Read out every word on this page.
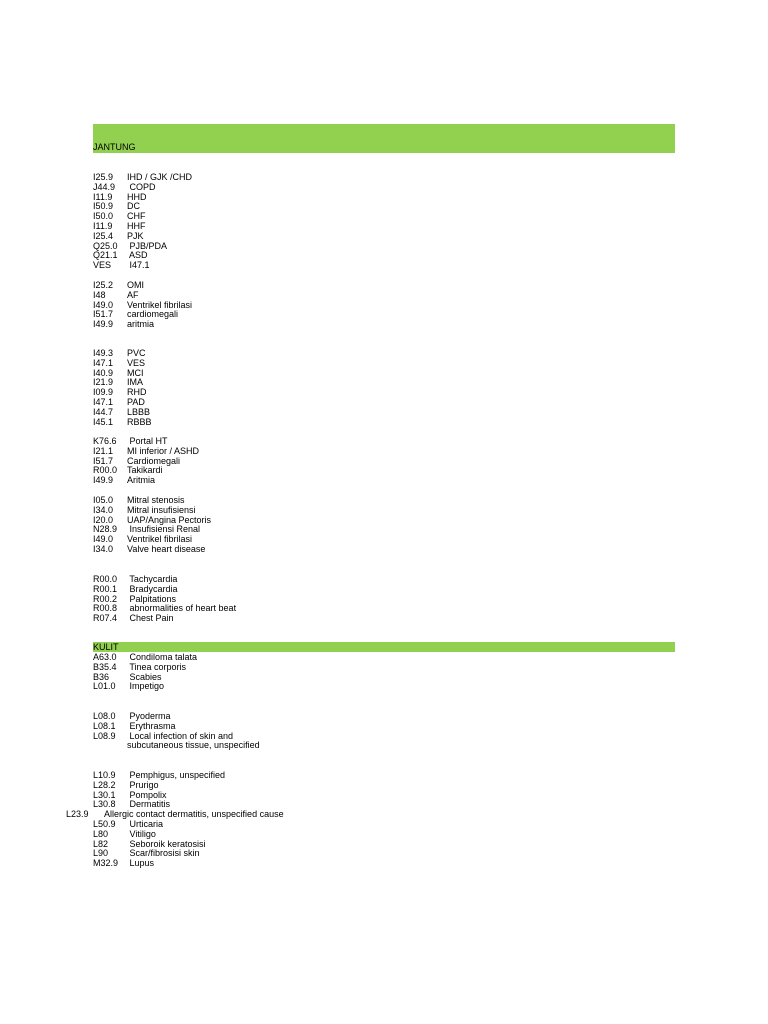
JANTUNG
I25.9 IHD / GJK /CHD
J44.9 COPD
I11.9 HHD
I50.9 DC
I50.0 CHF
I11.9 HHF
I25.4 PJK
Q25.0 PJB/PDA
Q21.1 ASD
VES I47.1
I25.2 OMI
I48 AF
I49.0 Ventrikel fibrilasi
I51.7 cardiomegali
I49.9 aritmia
I49.3 PVC
I47.1 VES
I40.9 MCI
I21.9 IMA
I09.9 RHD
I47.1 PAD
I44.7 LBBB
I45.1 RBBB
K76.6 Portal HT
I21.1 MI inferior / ASHD
I51.7 Cardiomegali
R00.0 Takikardi
I49.9 Aritmia
I05.0 Mitral stenosis
I34.0 Mitral insufisiensi
I20.0 UAP/Angina Pectoris
N28.9 Insufisiensi Renal
I49.0 Ventrikel fibrilasi
I34.0 Valve heart disease
R00.0 Tachycardia
R00.1 Bradycardia
R00.2 Palpitations
R00.8 abnormalities of heart beat
R07.4 Chest Pain
KULIT
A63.0 Condiloma talata
B35.4 Tinea corporis
B36 Scabies
L01.0 Impetigo
L08.0 Pyoderma
L08.1 Erythrasma
L08.9 Local infection of skin and
subcutaneous tissue, unspecified
L10.9 Pemphigus, unspecified
L28.2 Prurigo
L30.1 Pompolix
L30.8 Dermatitis
L23.9 Allergic contact dermatitis, unspecified cause
L50.9 Urticaria
L80 Vitiligo
L82 Seboroik keratosisi
L90 Scar/fibrosisi skin
M32.9 Lupus
